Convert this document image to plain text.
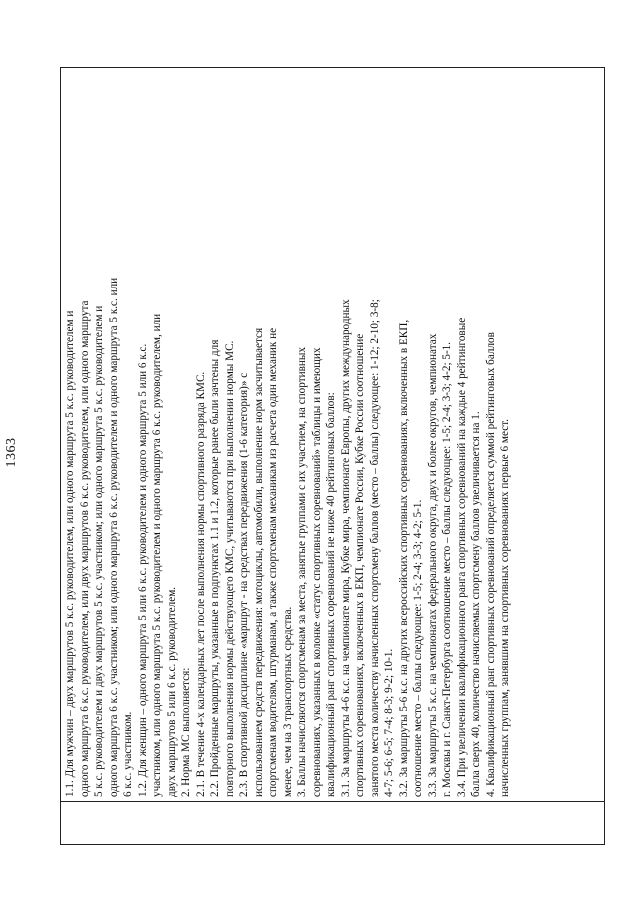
1363
		1.1. Для мужчин – двух маршрутов 5 к.с. руководителем, или одного маршрута 5 к.с. руководителем и одного маршрута 6 к.с. руководителем, или двух маршрутов 6 к.с. руководителем, или одного маршрута 5 к.с. руководителем и двух маршрутов 5 к.с. участником; или одного маршрута 5 к.с. руководителем и одного маршрута 6 к.с. участником; или одного маршрута 6 к.с. руководителем и одного маршрута 5 к.с. или 6 к.с. участником. 1.2. Для женщин – одного маршрута 5 или 6 к.с. руководителем и одного маршрута 5 или 6 к.с. участником, или одного маршрута 5 к.с. руководителем и одного маршрута 6 к.с. руководителем, или двух маршрутов 5 или 6 к.с. руководителем. 2. Норма МС выполняется: 2.1. В течение 4-х календарных лет после выполнения нормы спортивного разряда КМС. 2.2. Пройденные маршруты, указанные в подпунктах 1.1 и 1.2, которые ранее были зачтены для повторного выполнения нормы действующего КМС, учитываются при выполнении нормы МС. 2.3. В спортивной дисциплине «маршрут - на средствах передвижения (1-6 категория)» с использованием средств передвижения: мотоциклы, автомобили, выполнение норм засчитывается спортсменам водителям, штурманам, а также спортсменам механикам из расчета один механик не менее, чем на 3 транспортных средства. 3. Баллы начисляются спортсменам за места, занятые группами с их участием, на спортивных соревнованиях, указанных в колонке «статус спортивных соревнований» таблицы и имеющих квалификационный ранг спортивных соревнований не ниже 40 рейтинговых баллов: 3.1. За маршруты 4-6 к.с. на чемпионате мира, Кубке мира, чемпионате Европы, других международных спортивных соревнованиях, включенных в ЕКП, чемпионате России, Кубке России соотношение занятого места количеству начисленных спортсмену баллов (место – баллы) следующее: 1-12; 2-10; 3-8; 4-7; 5-6; 6-5; 7-4; 8-3; 9-2; 10-1. 3.2. За маршруты 5-6 к.с. на других всероссийских спортивных соревнованиях, включенных в ЕКП, соотношение место – баллы следующее: 1-5; 2-4; 3-3; 4-2; 5-1. 3.3. За маршруты 5 к.с. на чемпионатах федерального округа, двух и более округов, чемпионатах г. Москвы и г. Санкт-Петербурга соотношение место – баллы следующее: 1-5; 2-4; 3-3; 4-2; 5-1. 3.4. При увеличении квалификационного ранга спортивных соревнований на каждые 4 рейтинговые балла сверх 40, количество начисляемых спортсмену баллов увеличивается на 1. 4. Квалификационный ранг спортивных соревнований определяется суммой рейтинговых баллов начисленных группам, занявшим на спортивных соревнованиях первые 6 мест.
